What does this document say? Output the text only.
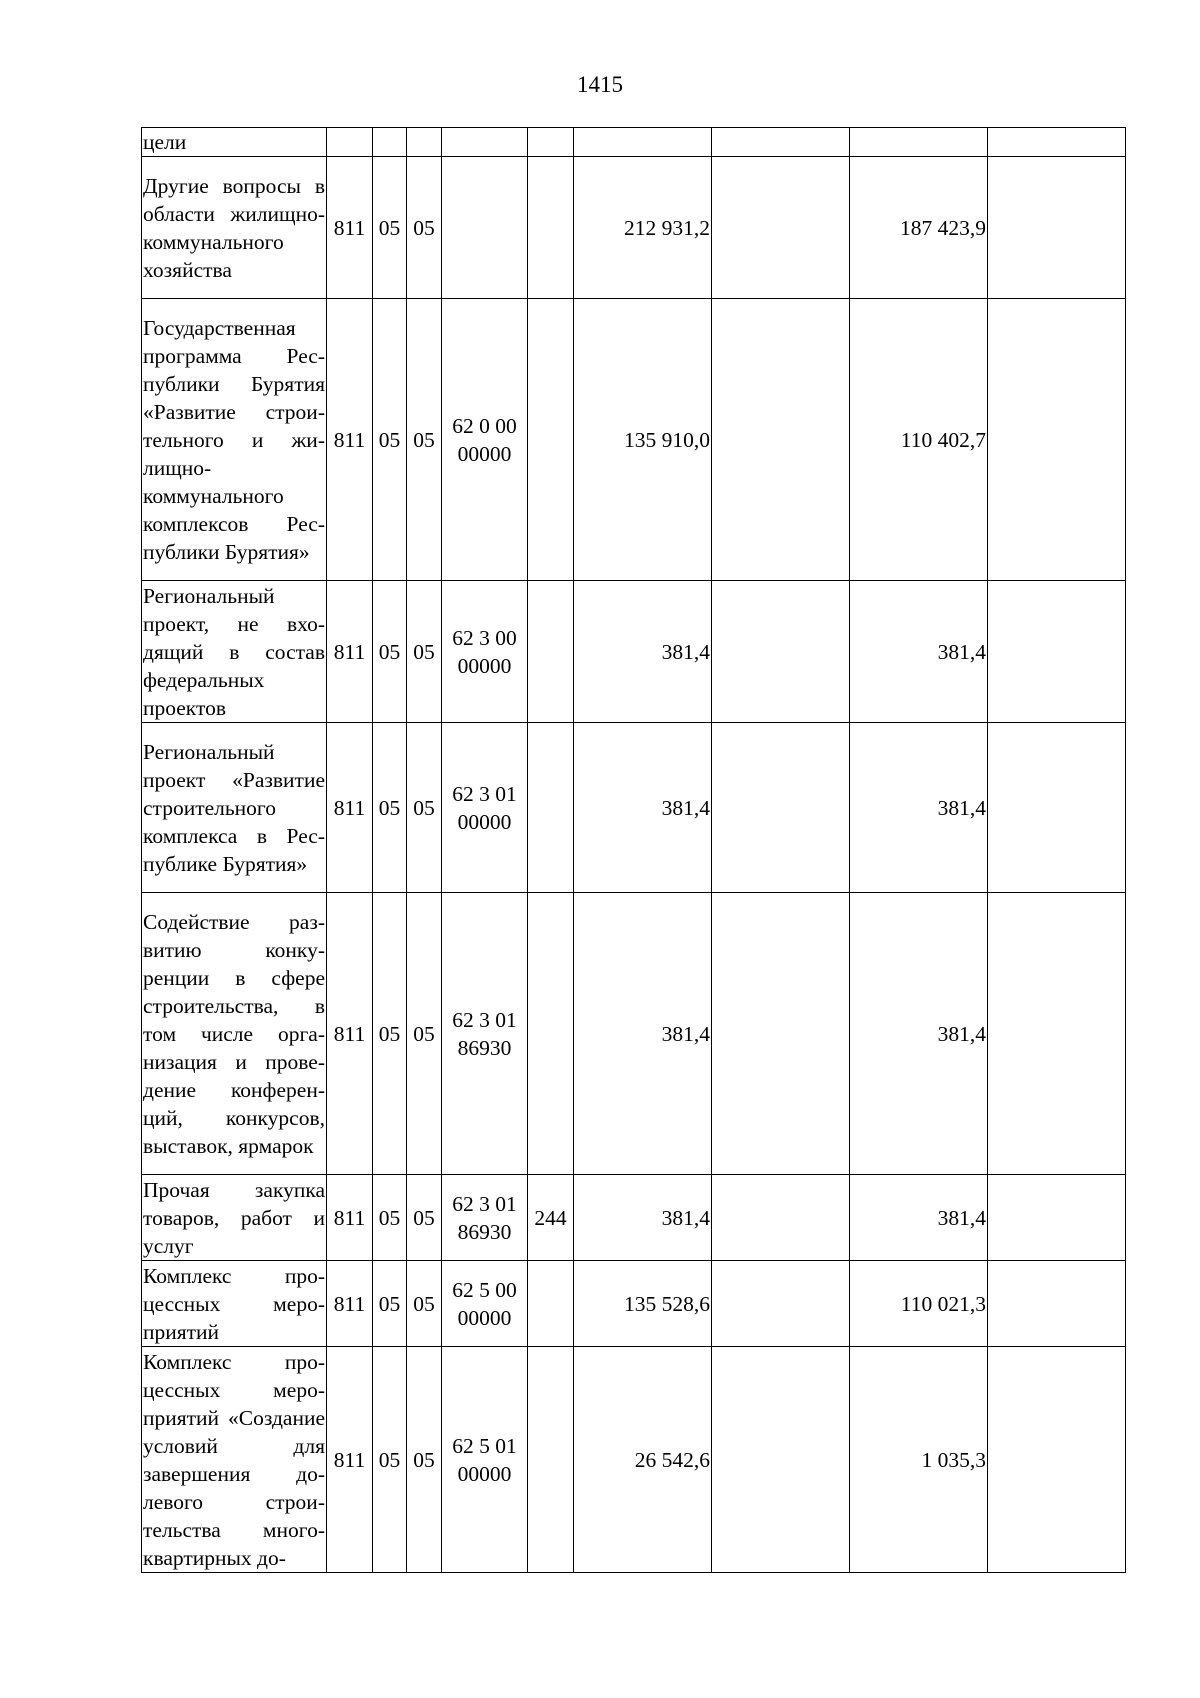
1415
цели									
Другие вопросы в области жилищно-коммунального хозяйства	811	05	05			212 931,2		187 423,9	
Государственная программа Республики Бурятия «Развитие строительного и жилищно-коммунального комплексов Республики Бурятия»	811	05	05	62 0 00 00000		135 910,0		110 402,7	
Региональный проект, не входящий в состав федеральных проектов	811	05	05	62 3 00 00000		381,4		381,4	
Региональный проект «Развитие строительного комплекса в Республике Бурятия»	811	05	05	62 3 01 00000		381,4		381,4	
Содействие развитию конкуренции в сфере строительства, в том числе организация и проведение конференций, конкурсов, выставок, ярмарок	811	05	05	62 3 01 86930		381,4		381,4	
Прочая закупка товаров, работ и услуг	811	05	05	62 3 01 86930	244	381,4		381,4	
Комплекс процессных мероприятий	811	05	05	62 5 00 00000		135 528,6		110 021,3	
Комплекс процессных мероприятий «Создание условий для завершения долевого строительства многоквартирных до-	811	05	05	62 5 01 00000		26 542,6		1 035,3	
